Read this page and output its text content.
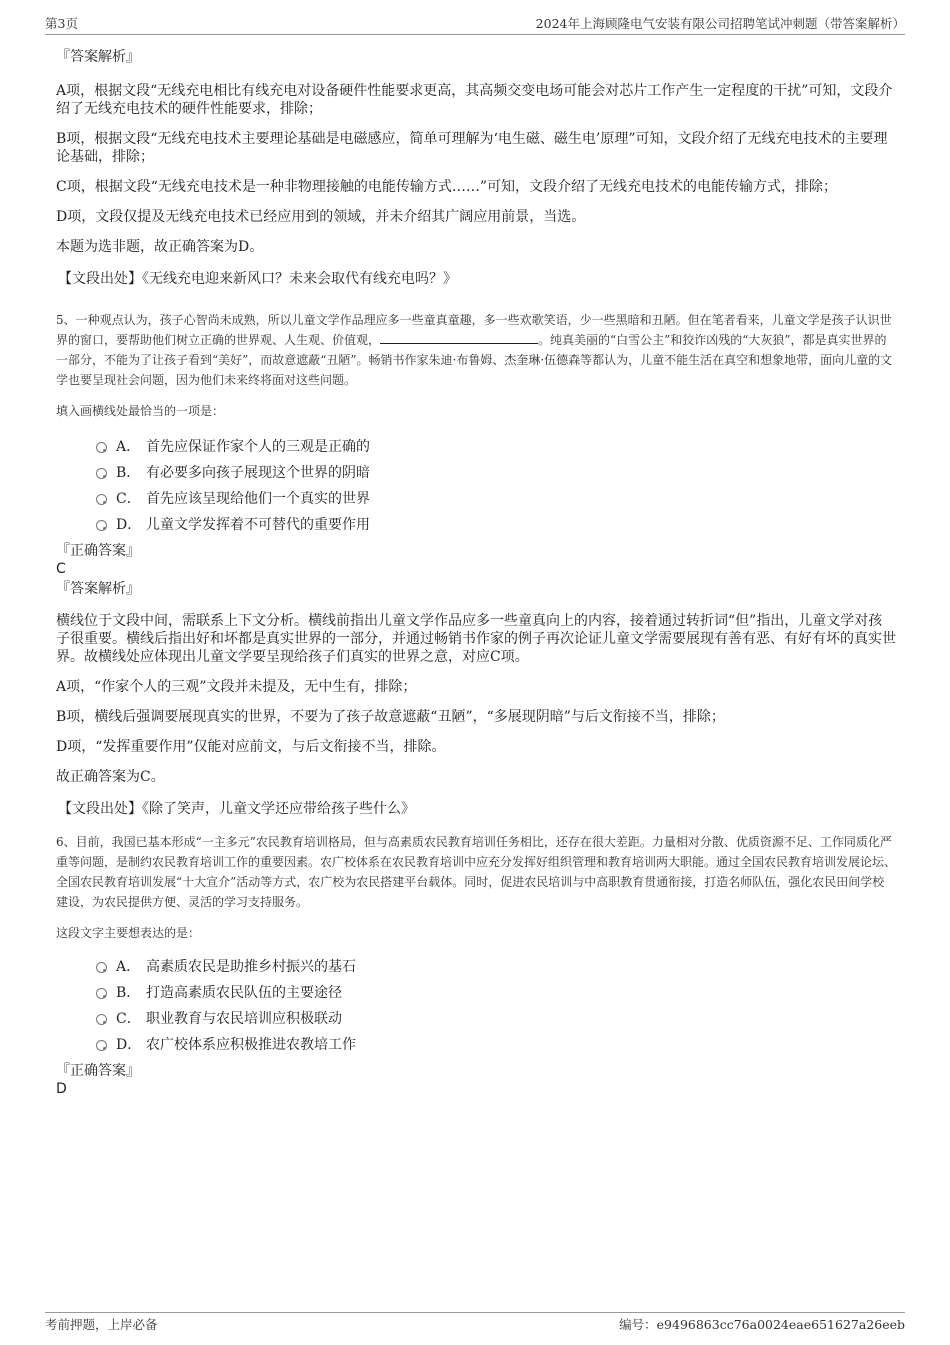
第3页	2024年上海顾隆电气安装有限公司招聘笔试冲刺题（带答案解析）

『答案解析』

A项，根据文段“无线充电相比有线充电对设备硬件性能要求更高，其高频交变电场可能会对芯片工作产生一定程度的干扰”可知，文段介绍了无线充电技术的硬件性能要求，排除；

B项，根据文段“无线充电技术主要理论基础是电磁感应，简单可理解为‘电生磁、磁生电’原理”可知，文段介绍了无线充电技术的主要理论基础，排除；

C项，根据文段“无线充电技术是一种非物理接触的电能传输方式……”可知，文段介绍了无线充电技术的电能传输方式，排除；

D项，文段仅提及无线充电技术已经应用到的领域，并未介绍其广阔应用前景，当选。

本题为选非题，故正确答案为D。

【文段出处】《无线充电迎来新风口？未来会取代有线充电吗？》

5、一种观点认为，孩子心智尚未成熟，所以儿童文学作品理应多一些童真童趣，多一些欢歌笑语，少一些黑暗和丑陋。但在笔者看来，儿童文学是孩子认识世界的窗口，要帮助他们树立正确的世界观、人生观、价值观，	。纯真美丽的“白雪公主”和狡诈凶残的“大灰狼”，都是真实世界的一部分，不能为了让孩子看到“美好”，而故意遮蔽“丑陋”。畅销书作家朱迪·布鲁姆、杰奎琳·伍德森等都认为，儿童不能生活在真空和想象地带，面向儿童的文学也要呈现社会问题，因为他们未来终将面对这些问题。

填入画横线处最恰当的一项是：

A． 首先应保证作家个人的三观是正确的
B． 有必要多向孩子展现这个世界的阴暗
C． 首先应该呈现给他们一个真实的世界
D． 儿童文学发挥着不可替代的重要作用

『正确答案』

C

『答案解析』

横线位于文段中间，需联系上下文分析。横线前指出儿童文学作品应多一些童真向上的内容，接着通过转折词“但”指出，儿童文学对孩子很重要。横线后指出好和坏都是真实世界的一部分，并通过畅销书作家的例子再次论证儿童文学需要展现有善有恶、有好有坏的真实世界。故横线处应体现出儿童文学要呈现给孩子们真实的世界之意，对应C项。

A项，“作家个人的三观”文段并未提及，无中生有，排除；

B项，横线后强调要展现真实的世界，不要为了孩子故意遮蔽“丑陋”，“多展现阴暗”与后文衔接不当，排除；

D项，“发挥重要作用”仅能对应前文，与后文衔接不当，排除。

故正确答案为C。

【文段出处】《除了笑声，儿童文学还应带给孩子些什么》

6、目前，我国已基本形成“一主多元”农民教育培训格局，但与高素质农民教育培训任务相比，还存在很大差距。力量相对分散、优质资源不足、工作同质化严重等问题，是制约农民教育培训工作的重要因素。农广校体系在农民教育培训中应充分发挥好组织管理和教育培训两大职能。通过全国农民教育培训发展论坛、全国农民教育培训发展“十大宣介”活动等方式，农广校为农民搭建平台载体。同时，促进农民培训与中高职教育贯通衔接，打造名师队伍，强化农民田间学校建设，为农民提供方便、灵活的学习支持服务。

这段文字主要想表达的是：

A． 高素质农民是助推乡村振兴的基石
B． 打造高素质农民队伍的主要途径
C． 职业教育与农民培训应积极联动
D． 农广校体系应积极推进农教培工作

『正确答案』

D

考前押题，上岸必备	编号：e9496863cc76a0024eae651627a26eeb
